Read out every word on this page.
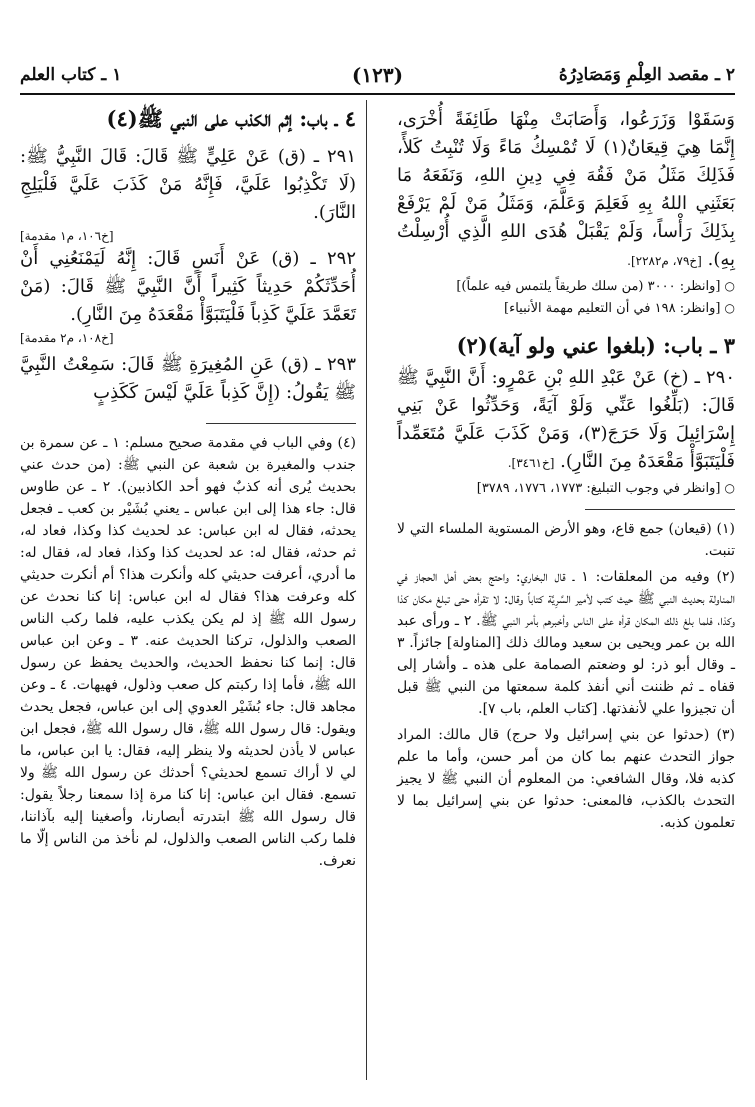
٢ ـ مقصد العِلْمِ وَمَصَادِرُهُ
(١٢٣)
١ ـ كتاب العلم

وَسَقَوْا وَزَرَعُوا، وَأَصَابَتْ مِنْهَا طَائِفَةً أُخْرَى، إِنَّمَا هِيَ قِيعَانٌ(١) لَا تُمْسِكُ مَاءً وَلَا تُنْبِتُ كَلأً، فَذَلِكَ مَثَلُ مَنْ فَقُهَ فِي دِينِ اللهِ، وَنَفَعَهُ مَا بَعَثَنِي اللهُ بِهِ فَعَلِمَ وَعَلَّمَ، وَمَثَلُ مَنْ لَمْ يَرْفَعْ بِذَلِكَ رَأْساً، وَلَمْ يَقْبَلْ هُدَى اللهِ الَّذِي أُرْسِلْتُ بِهِ). [خ٧٩، م٢٢٨٢].

○[وانظر: ٣٠٠٠ (من سلك طريقاً يلتمس فيه علماً)]
○[وانظر: ١٩٨ في أن التعليم مهمة الأنبياء]
٣ ـ باب: (بلغوا عني ولو آية)(٢)

٢٩٠ ـ (خ) عَنْ عَبْدِ اللهِ بْنِ عَمْرٍو: أَنَّ النَّبِيَّ ﷺ قَالَ: (بَلِّغُوا عَنِّي وَلَوْ آيَةً، وَحَدِّثُوا عَنْ بَنِي إِسْرَائِيلَ وَلَا حَرَجَ(٣)، وَمَنْ كَذَبَ عَلَيَّ مُتَعَمِّداً فَلْيَتَبَوَّأْ مَقْعَدَهُ مِنَ النَّارِ). [خ٣٤٦١].

○[وانظر في وجوب التبليغ: ١٧٧٣، ١٧٧٦، ٣٧٨٩]

(١) (قيعان) جمع قاع، وهو الأرض المستوية الملساء التي لا تنبت.

(٢) وفيه من المعلقات: ١ ـ قال البخاري: واحتج بعض أهل الحجاز في المناولة بحديث النبي ﷺ حيث كتب لأمير السَّرِيَّة كتاباً وقال: لا تقرأه حتى تبلغ مكان كذا وكذا، فلما بلغ ذلك المكان قرأه على الناس وأخبرهم بأمر النبي ﷺ. ٢ ـ ورأى عبد الله بن عمر ويحيى بن سعيد ومالك ذلك [المناولة] جائزاً. ٣ ـ وقال أبو ذر: لو وضعتم الصمامة على هذه ـ وأشار إلى قفاه ـ ثم ظننت أني أنفذ كلمة سمعتها من النبي ﷺ قبل أن تجيزوا علي لأنفذتها. [كتاب العلم، باب ٧].

(٣) (حدثوا عن بني إسرائيل ولا حرج) قال مالك: المراد جواز التحدث عنهم بما كان من أمر حسن، وأما ما علم كذبه فلا، وقال الشافعي: من المعلوم أن النبي ﷺ لا يجيز التحدث بالكذب، فالمعنى: حدثوا عن بني إسرائيل بما لا تعلمون كذبه.

٤ ـ باب: إثم الكذب على النبي ﷺ(٤)

٢٩١ ـ (ق) عَنْ عَلِيٍّ ﷺ قَالَ: قَالَ النَّبِيُّ ﷺ: (لَا تَكْذِبُوا عَلَيَّ، فَإِنَّهُ مَنْ كَذَبَ عَلَيَّ فَلْيَلِجِ النَّارَ).

[خ١٠٦، م١ مقدمة]

٢٩٢ ـ (ق) عَنْ أَنَسٍ قَالَ: إِنَّهُ لَيَمْنَعُنِي أَنْ أُحَدِّثَكُمْ حَدِيثاً كَثِيراً أَنَّ النَّبِيَّ ﷺ قَالَ: (مَنْ تَعَمَّدَ عَلَيَّ كَذِباً فَلْيَتَبَوَّأْ مَقْعَدَهُ مِنَ النَّارِ).

[خ١٠٨، م٢ مقدمة]

٢٩٣ ـ (ق) عَنِ المُغِيرَةِ ﷺ قَالَ: سَمِعْتُ النَّبِيَّ ﷺ يَقُولُ: (إِنَّ كَذِباً عَلَيَّ لَيْسَ كَكَذِبٍ

(٤) وفي الباب في مقدمة صحيح مسلم: ١ ـ عن سمرة بن جندب والمغيرة بن شعبة عن النبي ﷺ: (من حدث عني بحديث يُرى أنه كذبٌ فهو أحد الكاذبين). ٢ ـ عن طاوس قال: جاء هذا إلى ابن عباس ـ يعني بُشَيْر بن كعب ـ فجعل يحدثه، فقال له ابن عباس: عد لحديث كذا وكذا، فعاد له، ثم حدثه، فقال له: عد لحديث كذا وكذا، فعاد له، فقال له: ما أدري، أعرفت حديثي كله وأنكرت هذا؟ أم أنكرت حديثي كله وعرفت هذا؟ فقال له ابن عباس: إنا كنا نحدث عن رسول الله ﷺ إذ لم يكن يكذب عليه، فلما ركب الناس الصعب والذلول، تركنا الحديث عنه. ٣ ـ وعن ابن عباس قال: إنما كنا نحفظ الحديث، والحديث يحفظ عن رسول الله ﷺ، فأما إذا ركبتم كل صعب وذلول، فهيهات. ٤ ـ وعن مجاهد قال: جاء بُشَيْر العدوي إلى ابن عباس، فجعل يحدث ويقول: قال رسول الله ﷺ، قال رسول الله ﷺ، فجعل ابن عباس لا يأذن لحديثه ولا ينظر إليه، فقال: يا ابن عباس، ما لي لا أراك تسمع لحديثي؟ أحدثك عن رسول الله ﷺ ولا تسمع. فقال ابن عباس: إنا كنا مرة إذا سمعنا رجلاً يقول: قال رسول الله ﷺ ابتدرته أبصارنا، وأصغينا إليه بآذاننا، فلما ركب الناس الصعب والذلول، لم نأخذ من الناس إلّا ما نعرف.
